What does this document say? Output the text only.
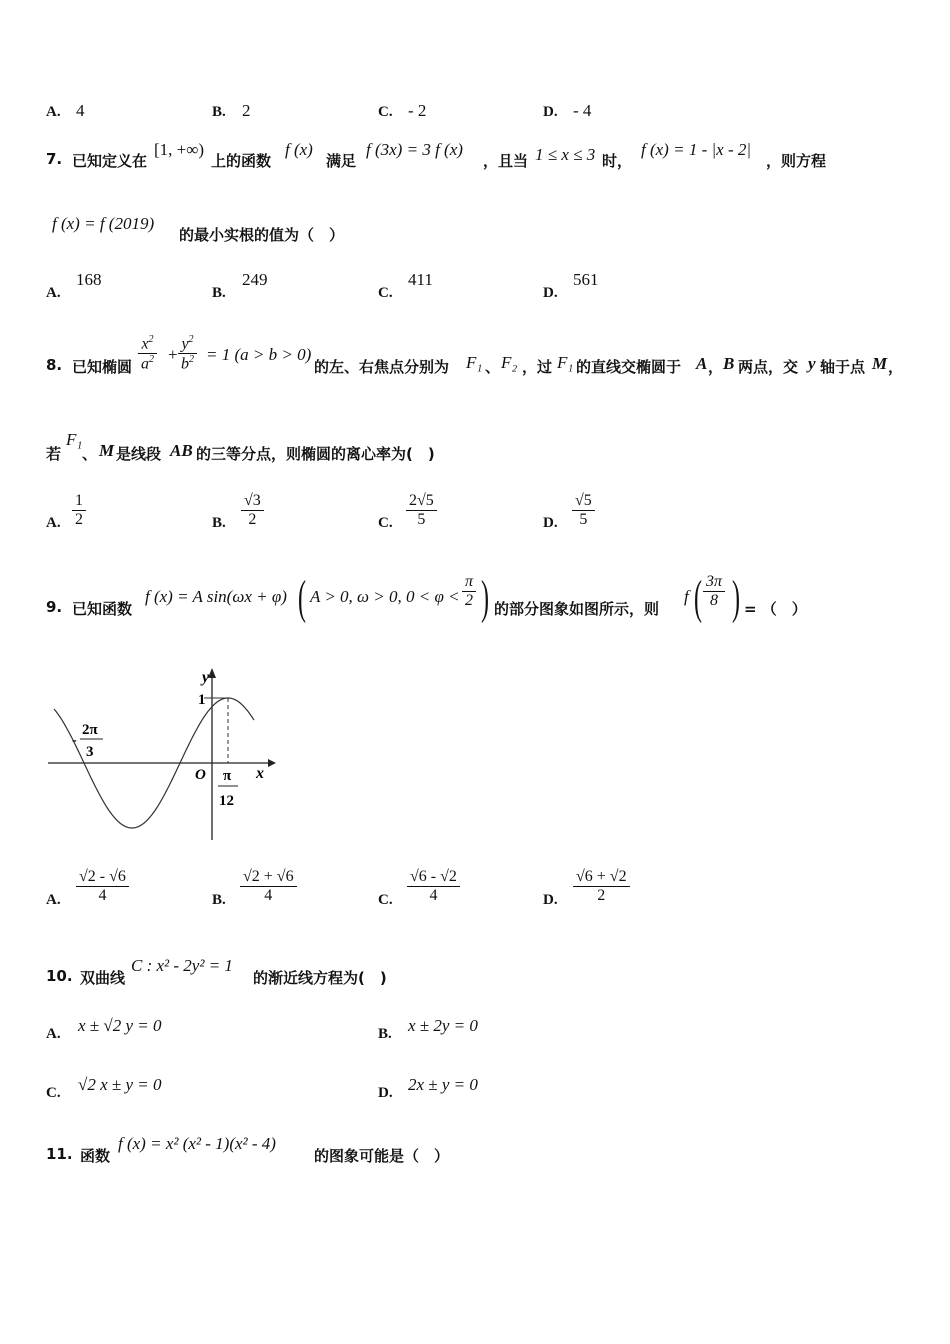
A. 4	B. 2	C. - 2	D. - 4
7. 已知定义在
[1, +∞)
上的函数
f (x)
满足
f (3x) = 3 f (x)
，且当 1 ≤ x ≤ 3 时，
f (x) = 1 - |x - 2|
，则方程
f (x) = f (2019)
的最小实根的值为（　）
A.
168
B.
249
C.
411
D.
561
8. 已知椭圆 $\frac{x^2}{a^2} + \frac{y^2}{b^2} = 1$ (a > b > 0)
的左、右焦点分别为 F₁ 、 F₂ ，过 F₁ 的直线交椭圆于 A ， B 两点，交 y 轴于点 M ，
若
F₁
、 M 是线段 AB 的三等分点，则椭圆的离心率为(　)
A. $\frac{1}{2}$	B. $\frac{√3}{2}$	C. $\frac{2√5}{5}$	D. $\frac{√5}{5}$
9. 已知函数
f (x) = A sin(ωx + φ) ( A > 0, ω > 0, $0 < \varphi < \frac{\pi}{2}$ ) 的部分图象如图所示，则
f ( $\frac{3\pi}{8}$ ) = （　）
y
x
O
1
-
2π
3
π
12
A. $\frac{√2 - √6}{4}$	B. $\frac{√2 + √6}{4}$	C. $\frac{√6 - √2}{4}$	D. $\frac{√6 + √2}{2}$
10. 双曲线
C : x² - 2y² = 1
的渐近线方程为(　)
A. x ± √2 y = 0	B. x ± 2y = 0
C. √2 x ± y = 0	D. 2x ± y = 0
11. 函数
f (x) = x² (x² - 1)(x² - 4)
的图象可能是（　）
